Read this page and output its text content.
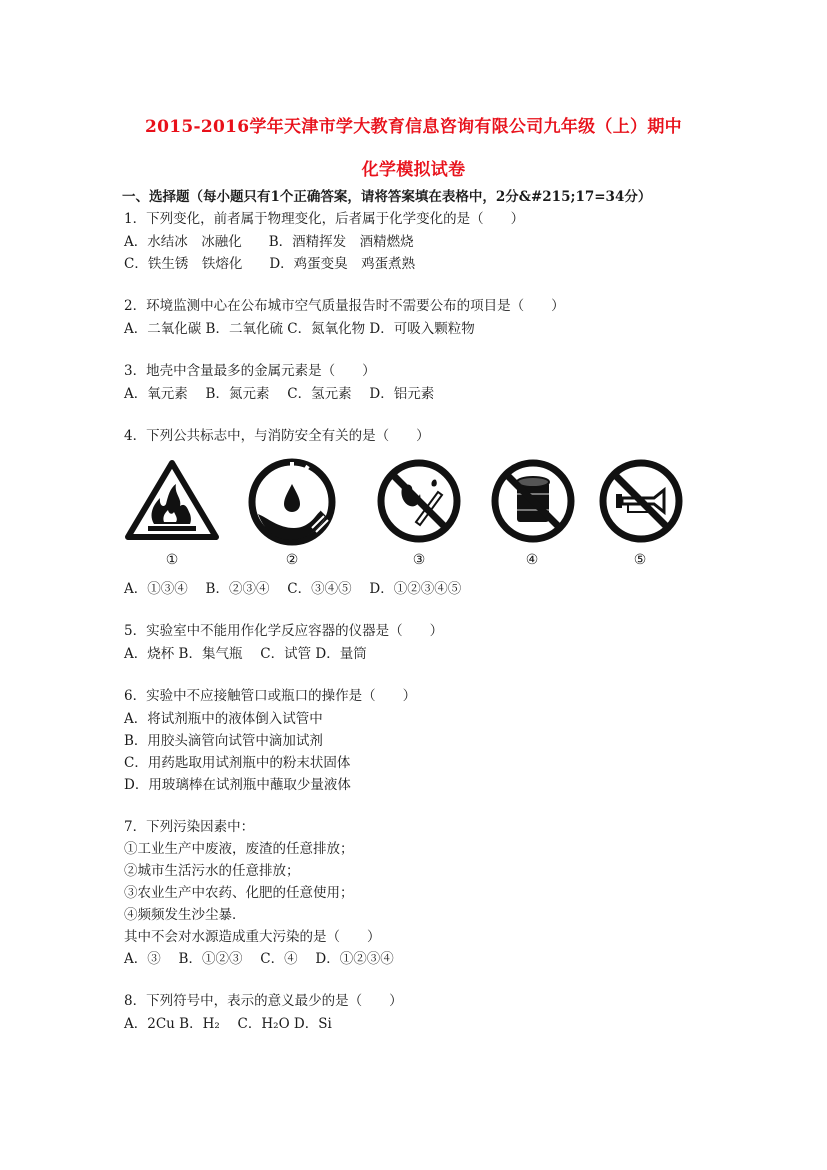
2015-2016学年天津市学大教育信息咨询有限公司九年级（上）期中
化学模拟试卷
一、选择题（每小题只有1个正确答案，请将答案填在表格中，2分&#215;17=34分）
1．下列变化，前者属于物理变化，后者属于化学变化的是（　　）
A．水结冰　冰融化　　B．酒精挥发　酒精燃烧
C．铁生锈　铁熔化　　D．鸡蛋变臭　鸡蛋煮熟
2．环境监测中心在公布城市空气质量报告时不需要公布的项目是（　　）
A．二氧化碳 B．二氧化硫 C．氮氧化物 D．可吸入颗粒物
3．地壳中含量最多的金属元素是（　　）
A．氧元素　 B．氮元素　 C．氢元素　 D．铝元素
4．下列公共标志中，与消防安全有关的是（　　）
①	②	③	④	⑤
A．①③④　 B．②③④　 C．③④⑤　 D．①②③④⑤
5．实验室中不能用作化学反应容器的仪器是（　　）
A．烧杯 B．集气瓶　 C．试管 D．量筒
6．实验中不应接触管口或瓶口的操作是（　　）
A．将试剂瓶中的液体倒入试管中
B．用胶头滴管向试管中滴加试剂
C．用药匙取用试剂瓶中的粉末状固体
D．用玻璃棒在试剂瓶中蘸取少量液体
7．下列污染因素中：
①工业生产中废液，废渣的任意排放；
②城市生活污水的任意排放；
③农业生产中农药、化肥的任意使用；
④频频发生沙尘暴．
其中不会对水源造成重大污染的是（　　）
A．③　 B．①②③　 C．④　 D．①②③④
8．下列符号中，表示的意义最少的是（　　）
A．2Cu B．H₂　 C．H₂O D．Si
